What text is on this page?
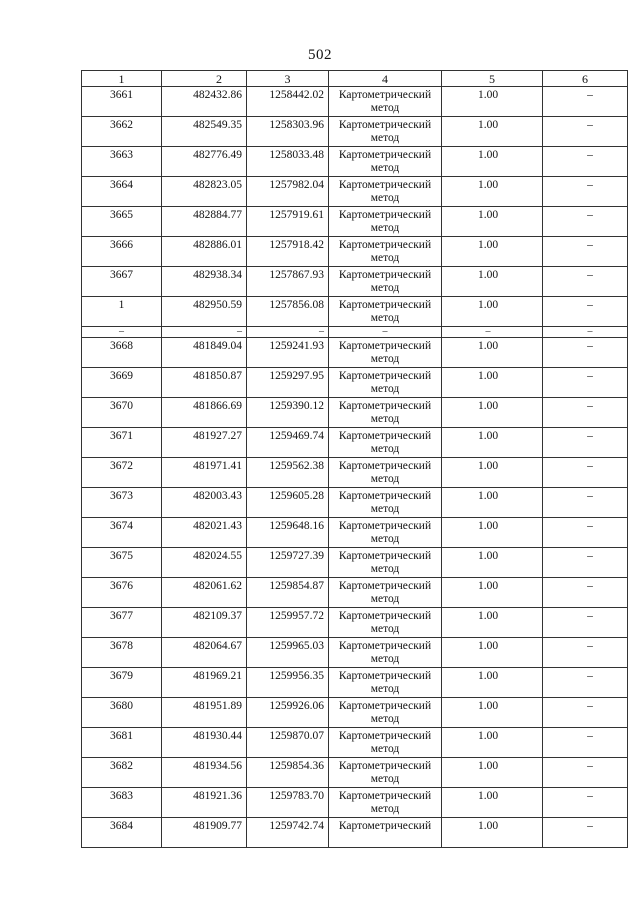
502
1	2	3	4	5	6
3661	482432.86	1258442.02	Картометрический метод	1.00	–
3662	482549.35	1258303.96	Картометрический метод	1.00	–
3663	482776.49	1258033.48	Картометрический метод	1.00	–
3664	482823.05	1257982.04	Картометрический метод	1.00	–
3665	482884.77	1257919.61	Картометрический метод	1.00	–
3666	482886.01	1257918.42	Картометрический метод	1.00	–
3667	482938.34	1257867.93	Картометрический метод	1.00	–
1	482950.59	1257856.08	Картометрический метод	1.00	–
–	–	–	–	–	–
3668	481849.04	1259241.93	Картометрический метод	1.00	–
3669	481850.87	1259297.95	Картометрический метод	1.00	–
3670	481866.69	1259390.12	Картометрический метод	1.00	–
3671	481927.27	1259469.74	Картометрический метод	1.00	–
3672	481971.41	1259562.38	Картометрический метод	1.00	–
3673	482003.43	1259605.28	Картометрический метод	1.00	–
3674	482021.43	1259648.16	Картометрический метод	1.00	–
3675	482024.55	1259727.39	Картометрический метод	1.00	–
3676	482061.62	1259854.87	Картометрический метод	1.00	–
3677	482109.37	1259957.72	Картометрический метод	1.00	–
3678	482064.67	1259965.03	Картометрический метод	1.00	–
3679	481969.21	1259956.35	Картометрический метод	1.00	–
3680	481951.89	1259926.06	Картометрический метод	1.00	–
3681	481930.44	1259870.07	Картометрический метод	1.00	–
3682	481934.56	1259854.36	Картометрический метод	1.00	–
3683	481921.36	1259783.70	Картометрический метод	1.00	–
3684	481909.77	1259742.74	Картометрический	1.00	–
